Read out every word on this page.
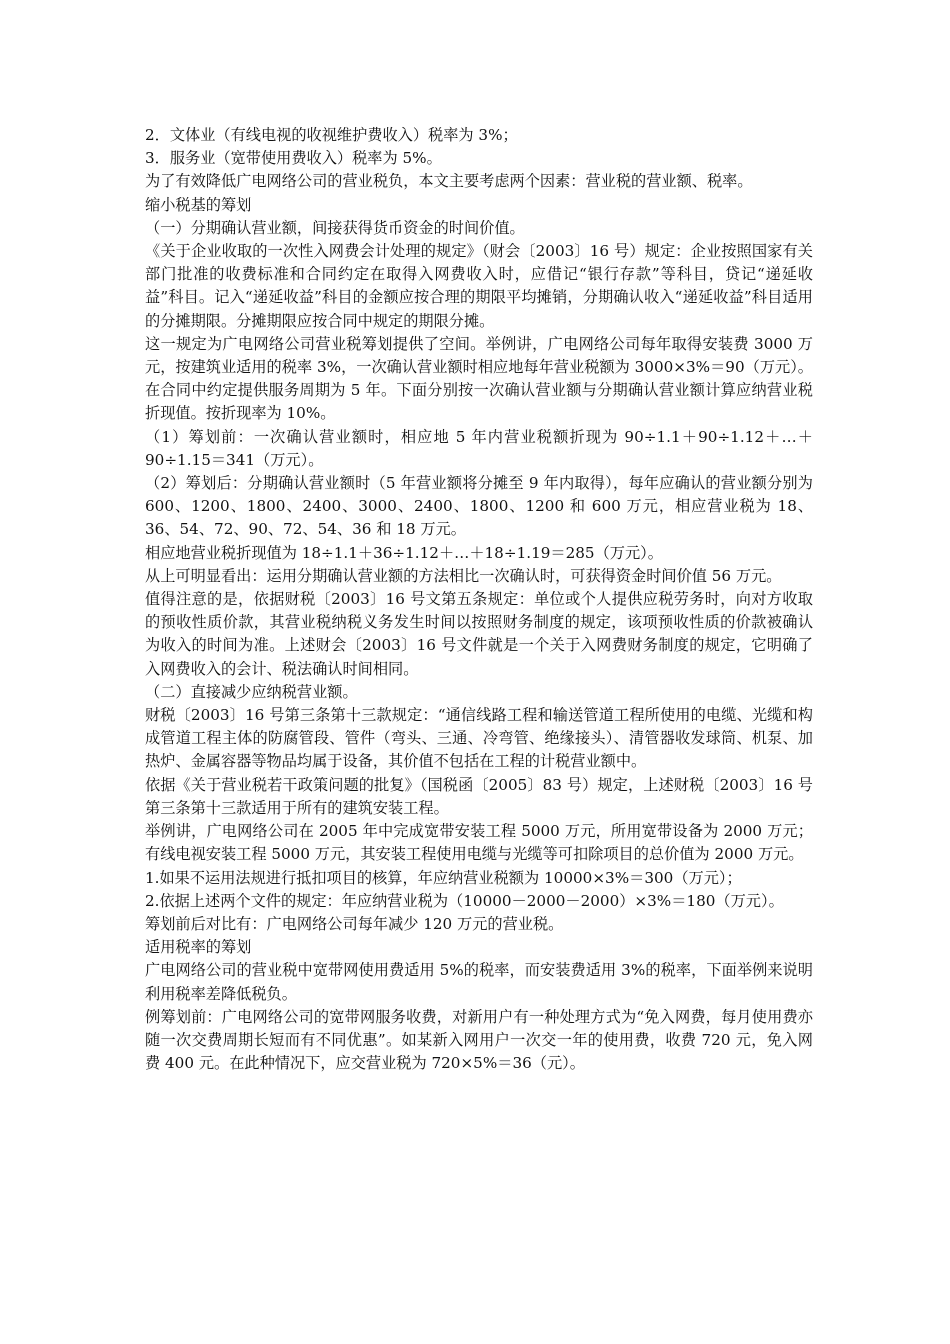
2．文体业（有线电视的收视维护费收入）税率为 3%；

3．服务业（宽带使用费收入）税率为 5%。

为了有效降低广电网络公司的营业税负，本文主要考虑两个因素：营业税的营业额、税率。

缩小税基的筹划

（一）分期确认营业额，间接获得货币资金的时间价值。

《关于企业收取的一次性入网费会计处理的规定》（财会〔2003〕16 号）规定：企业按照国家有关部门批准的收费标准和合同约定在取得入网费收入时，应借记“银行存款”等科目，贷记“递延收益”科目。记入“递延收益”科目的金额应按合理的期限平均摊销，分期确认收入“递延收益”科目适用的分摊期限。分摊期限应按合同中规定的期限分摊。

这一规定为广电网络公司营业税筹划提供了空间。举例讲，广电网络公司每年取得安装费 3000 万元，按建筑业适用的税率 3%，一次确认营业额时相应地每年营业税额为 3000×3%＝90（万元）。在合同中约定提供服务周期为 5 年。下面分别按一次确认营业额与分期确认营业额计算应纳营业税折现值。按折现率为 10%。

（1）筹划前：一次确认营业额时，相应地 5 年内营业税额折现为 90÷1.1＋90÷1.12＋…＋90÷1.15＝341（万元）。

（2）筹划后：分期确认营业额时（5 年营业额将分摊至 9 年内取得），每年应确认的营业额分别为 600、1200、1800、2400、3000、2400、1800、1200 和 600 万元，相应营业税为 18、36、54、72、90、72、54、36 和 18 万元。

相应地营业税折现值为 18÷1.1＋36÷1.12＋…＋18÷1.19＝285（万元）。

从上可明显看出：运用分期确认营业额的方法相比一次确认时，可获得资金时间价值 56 万元。

值得注意的是，依据财税〔2003〕16 号文第五条规定：单位或个人提供应税劳务时，向对方收取的预收性质价款，其营业税纳税义务发生时间以按照财务制度的规定，该项预收性质的价款被确认为收入的时间为准。上述财会〔2003〕16 号文件就是一个关于入网费财务制度的规定，它明确了入网费收入的会计、税法确认时间相同。

（二）直接减少应纳税营业额。

财税〔2003〕16 号第三条第十三款规定：“通信线路工程和输送管道工程所使用的电缆、光缆和构成管道工程主体的防腐管段、管件（弯头、三通、冷弯管、绝缘接头）、清管器收发球筒、机泵、加热炉、金属容器等物品均属于设备，其价值不包括在工程的计税营业额中。

依据《关于营业税若干政策问题的批复》（国税函〔2005〕83 号）规定，上述财税〔2003〕16 号第三条第十三款适用于所有的建筑安装工程。

举例讲，广电网络公司在 2005 年中完成宽带安装工程 5000 万元，所用宽带设备为 2000 万元；有线电视安装工程 5000 万元，其安装工程使用电缆与光缆等可扣除项目的总价值为 2000 万元。

1.如果不运用法规进行抵扣项目的核算，年应纳营业税额为 10000×3%＝300（万元）；

2.依据上述两个文件的规定：年应纳营业税为（10000－2000－2000）×3%＝180（万元）。

筹划前后对比有：广电网络公司每年减少 120 万元的营业税。

适用税率的筹划

广电网络公司的营业税中宽带网使用费适用 5%的税率，而安装费适用 3%的税率，下面举例来说明利用税率差降低税负。

例筹划前：广电网络公司的宽带网服务收费，对新用户有一种处理方式为“免入网费，每月使用费亦随一次交费周期长短而有不同优惠”。如某新入网用户一次交一年的使用费，收费 720 元，免入网费 400 元。在此种情况下，应交营业税为 720×5%＝36（元）。
